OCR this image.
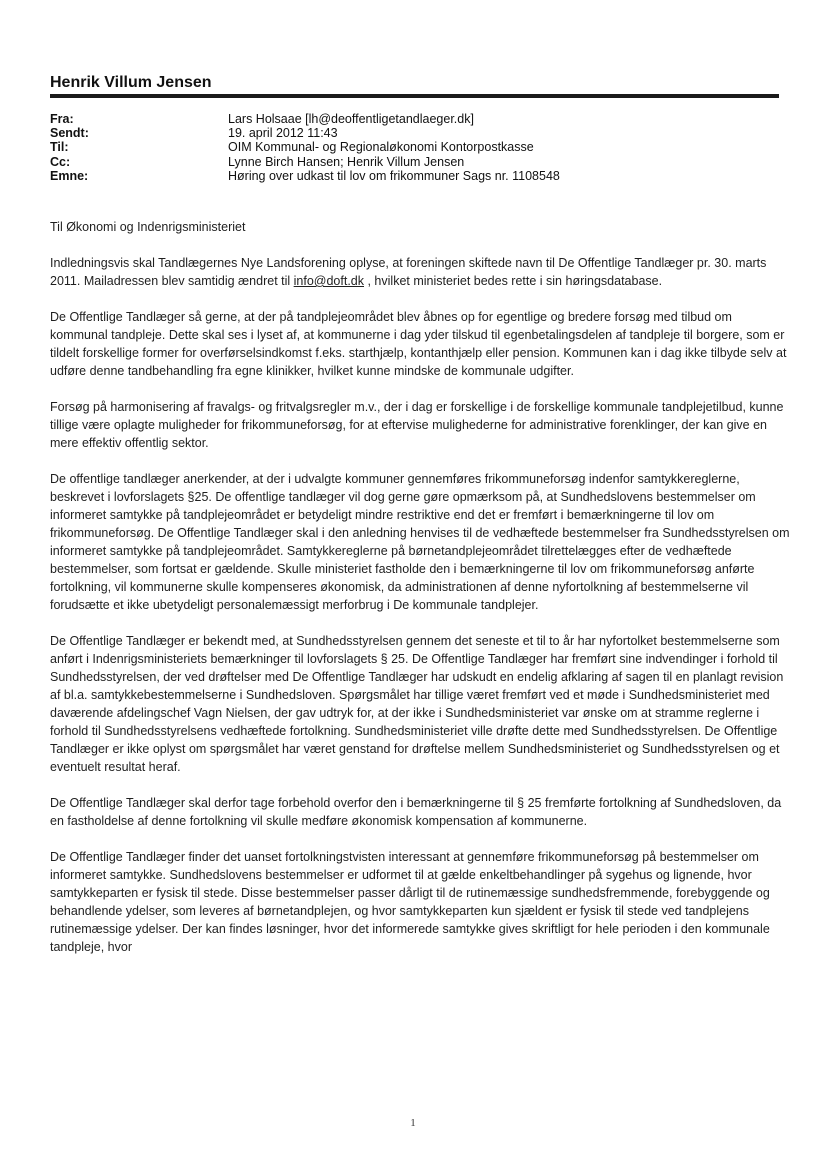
Henrik Villum Jensen
Fra:	Lars Holsaae [lh@deoffentligetandlaeger.dk]
Sendt:	19. april 2012 11:43
Til:	OIM Kommunal- og Regionaløkonomi Kontorpostkasse
Cc:	Lynne Birch Hansen; Henrik Villum Jensen
Emne:	Høring over udkast til lov om frikommuner Sags nr. 1108548

Til Økonomi og Indenrigsministeriet

Indledningsvis skal Tandlægernes Nye Landsforening oplyse, at foreningen skiftede navn til De Offentlige Tandlæger pr. 30. marts 2011. Mailadressen blev samtidig ændret til info@doft.dk , hvilket ministeriet bedes rette i sin høringsdatabase.

De Offentlige Tandlæger så gerne, at der på tandplejeområdet blev åbnes op for egentlige og bredere forsøg med tilbud om kommunal tandpleje. Dette skal ses i lyset af, at kommunerne i dag yder tilskud til egenbetalingsdelen af tandpleje til borgere, som er tildelt forskellige former for overførselsindkomst f.eks. starthjælp, kontanthjælp eller pension. Kommunen kan i dag ikke tilbyde selv at udføre denne tandbehandling fra egne klinikker, hvilket kunne mindske de kommunale udgifter.

Forsøg på harmonisering af fravalgs- og fritvalgsregler m.v., der i dag er forskellige i de forskellige kommunale tandplejetilbud, kunne tillige være oplagte muligheder for frikommuneforsøg, for at eftervise mulighederne for administrative forenklinger, der kan give en mere effektiv offentlig sektor.

De offentlige tandlæger anerkender, at der i udvalgte kommuner gennemføres frikommuneforsøg indenfor samtykkereglerne, beskrevet i lovforslagets §25. De offentlige tandlæger vil dog gerne gøre opmærksom på, at Sundhedslovens bestemmelser om informeret samtykke på tandplejeområdet er betydeligt mindre restriktive end det er fremført i bemærkningerne til lov om frikommuneforsøg. De Offentlige Tandlæger skal i den anledning henvises til de vedhæftede bestemmelser fra Sundhedsstyrelsen om informeret samtykke på tandplejeområdet. Samtykkereglerne på børnetandplejeområdet tilrettelægges efter de vedhæftede bestemmelser, som fortsat er gældende. Skulle ministeriet fastholde den i bemærkningerne til lov om frikommuneforsøg anførte fortolkning, vil kommunerne skulle kompenseres økonomisk, da administrationen af denne nyfortolkning af bestemmelserne vil forudsætte et ikke ubetydeligt personalemæssigt merforbrug i De kommunale tandplejer.

De Offentlige Tandlæger er bekendt med, at Sundhedsstyrelsen gennem det seneste et til to år har nyfortolket bestemmelserne som anført i Indenrigsministeriets bemærkninger til lovforslagets § 25. De Offentlige Tandlæger har fremført sine indvendinger i forhold til Sundhedsstyrelsen, der ved drøftelser med De Offentlige Tandlæger har udskudt en endelig afklaring af sagen til en planlagt revision af bl.a. samtykkebestemmelserne i Sundhedsloven. Spørgsmålet har tillige været fremført ved et møde i Sundhedsministeriet med daværende afdelingschef Vagn Nielsen, der gav udtryk for, at der ikke i Sundhedsministeriet var ønske om at stramme reglerne i forhold til Sundhedsstyrelsens vedhæftede fortolkning. Sundhedsministeriet ville drøfte dette med Sundhedsstyrelsen. De Offentlige Tandlæger er ikke oplyst om spørgsmålet har været genstand for drøftelse mellem Sundhedsministeriet og Sundhedsstyrelsen og et eventuelt resultat heraf.

De Offentlige Tandlæger skal derfor tage forbehold overfor den i bemærkningerne til § 25 fremførte fortolkning af Sundhedsloven, da en fastholdelse af denne fortolkning vil skulle medføre økonomisk kompensation af kommunerne.

De Offentlige Tandlæger finder det uanset fortolkningstvisten interessant at gennemføre frikommuneforsøg på bestemmelser om informeret samtykke. Sundhedslovens bestemmelser er udformet til at gælde enkeltbehandlinger på sygehus og lignende, hvor samtykkeparten er fysisk til stede. Disse bestemmelser passer dårligt til de rutinemæssige sundhedsfremmende, forebyggende og behandlende ydelser, som leveres af børnetandplejen, og hvor samtykkeparten kun sjældent er fysisk til stede ved tandplejens rutinemæssige ydelser. Der kan findes løsninger, hvor det informerede samtykke gives skriftligt for hele perioden i den kommunale tandpleje, hvor

1
